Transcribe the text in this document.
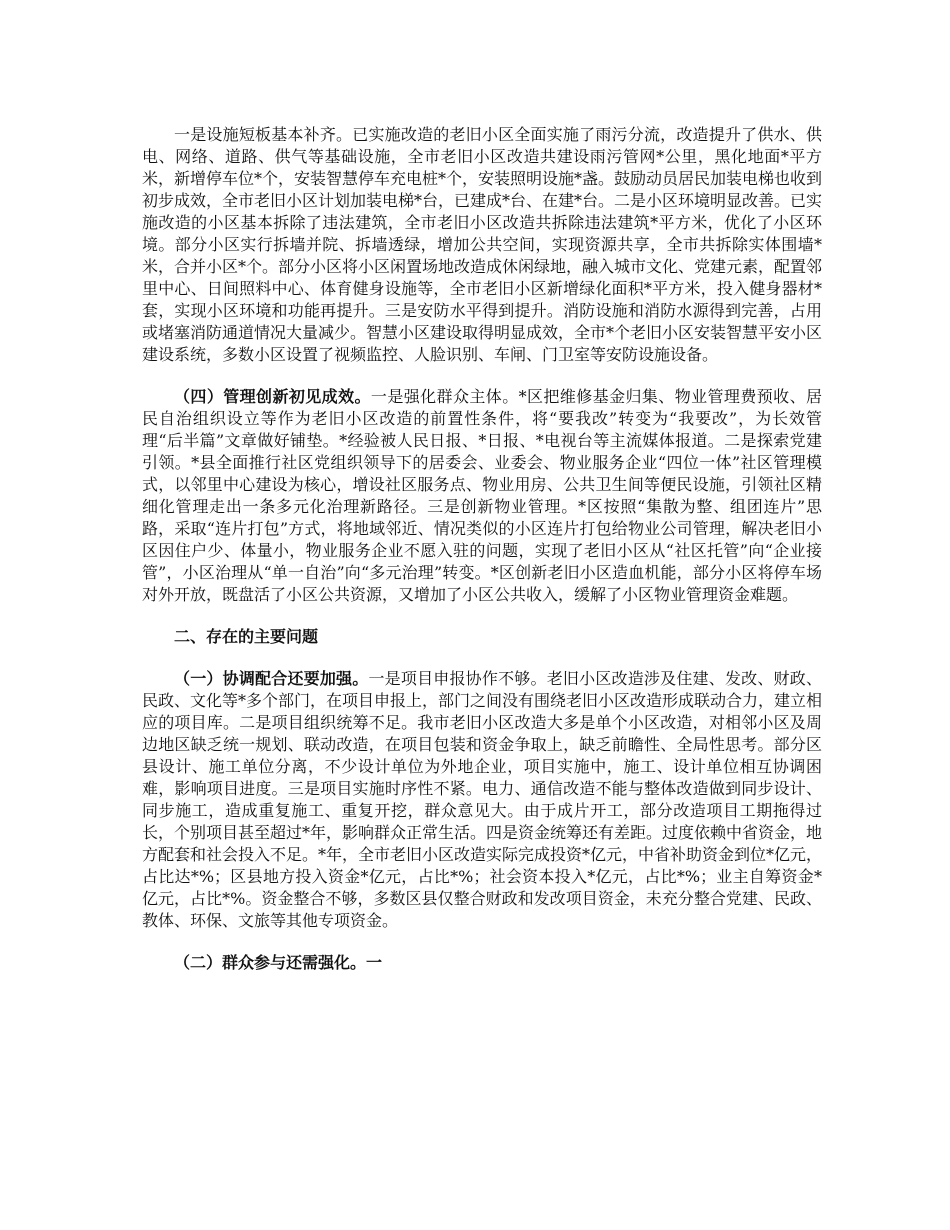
一是设施短板基本补齐。已实施改造的老旧小区全面实施了雨污分流，改造提升了供水、供电、网络、道路、供气等基础设施，全市老旧小区改造共建设雨污管网*公里，黑化地面*平方米，新增停车位*个，安装智慧停车充电桩*个，安装照明设施*盏。鼓励动员居民加装电梯也收到初步成效，全市老旧小区计划加装电梯*台，已建成*台、在建*台。二是小区环境明显改善。已实施改造的小区基本拆除了违法建筑，全市老旧小区改造共拆除违法建筑*平方米，优化了小区环境。部分小区实行拆墙并院、拆墙透绿，增加公共空间，实现资源共享，全市共拆除实体围墙*米，合并小区*个。部分小区将小区闲置场地改造成休闲绿地，融入城市文化、党建元素，配置邻里中心、日间照料中心、体育健身设施等，全市老旧小区新增绿化面积*平方米，投入健身器材*套，实现小区环境和功能再提升。三是安防水平得到提升。消防设施和消防水源得到完善，占用或堵塞消防通道情况大量减少。智慧小区建设取得明显成效，全市*个老旧小区安装智慧平安小区建设系统，多数小区设置了视频监控、人脸识别、车闸、门卫室等安防设施设备。

（四）管理创新初见成效。一是强化群众主体。*区把维修基金归集、物业管理费预收、居民自治组织设立等作为老旧小区改造的前置性条件，将“要我改”转变为“我要改”，为长效管理“后半篇”文章做好铺垫。*经验被人民日报、*日报、*电视台等主流媒体报道。二是探索党建引领。*县全面推行社区党组织领导下的居委会、业委会、物业服务企业“四位一体”社区管理模式，以邻里中心建设为核心，增设社区服务点、物业用房、公共卫生间等便民设施，引领社区精细化管理走出一条多元化治理新路径。三是创新物业管理。*区按照“集散为整、组团连片”思路，采取“连片打包”方式，将地域邻近、情况类似的小区连片打包给物业公司管理，解决老旧小区因住户少、体量小，物业服务企业不愿入驻的问题，实现了老旧小区从“社区托管”向“企业接管”，小区治理从“单一自治”向“多元治理”转变。*区创新老旧小区造血机能，部分小区将停车场对外开放，既盘活了小区公共资源，又增加了小区公共收入，缓解了小区物业管理资金难题。

二、存在的主要问题

（一）协调配合还要加强。一是项目申报协作不够。老旧小区改造涉及住建、发改、财政、民政、文化等*多个部门，在项目申报上，部门之间没有围绕老旧小区改造形成联动合力，建立相应的项目库。二是项目组织统筹不足。我市老旧小区改造大多是单个小区改造，对相邻小区及周边地区缺乏统一规划、联动改造，在项目包装和资金争取上，缺乏前瞻性、全局性思考。部分区县设计、施工单位分离，不少设计单位为外地企业，项目实施中，施工、设计单位相互协调困难，影响项目进度。三是项目实施时序性不紧。电力、通信改造不能与整体改造做到同步设计、同步施工，造成重复施工、重复开挖，群众意见大。由于成片开工，部分改造项目工期拖得过长，个别项目甚至超过*年，影响群众正常生活。四是资金统筹还有差距。过度依赖中省资金，地方配套和社会投入不足。*年，全市老旧小区改造实际完成投资*亿元，中省补助资金到位*亿元，占比达*%；区县地方投入资金*亿元，占比*%；社会资本投入*亿元，占比*%；业主自筹资金*亿元，占比*%。资金整合不够，多数区县仅整合财政和发改项目资金，未充分整合党建、民政、教体、环保、文旅等其他专项资金。

（二）群众参与还需强化。一
